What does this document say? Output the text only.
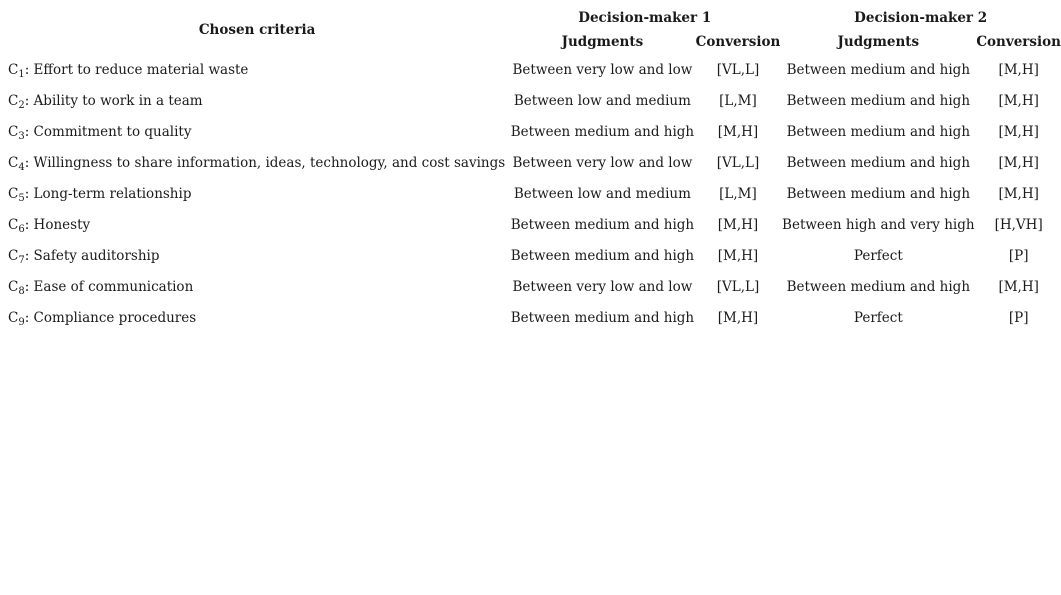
Chosen criteria	Decision-maker 1		Decision-maker 2	
	Judgments	Conversion	Judgments	Conversion
$C_1$: Effort to reduce material waste	Between very low and low	[VL,L]	Between medium and high	[M,H]
$C_2$: Ability to work in a team	Between low and medium	[L,M]	Between medium and high	[M,H]
$C_3$: Commitment to quality	Between medium and high	[M,H]	Between medium and high	[M,H]
$C_4$: Willingness to share information, ideas, technology, and cost savings	Between very low and low	[VL,L]	Between medium and high	[M,H]
$C_5$: Long-term relationship	Between low and medium	[L,M]	Between medium and high	[M,H]
$C_6$: Honesty	Between medium and high	[M,H]	Between high and very high	[H,VH]
$C_7$: Safety auditorship	Between medium and high	[M,H]	Perfect	[P]
$C_8$: Ease of communication	Between very low and low	[VL,L]	Between medium and high	[M,H]
$C_9$: Compliance procedures	Between medium and high	[M,H]	Perfect	[P]
